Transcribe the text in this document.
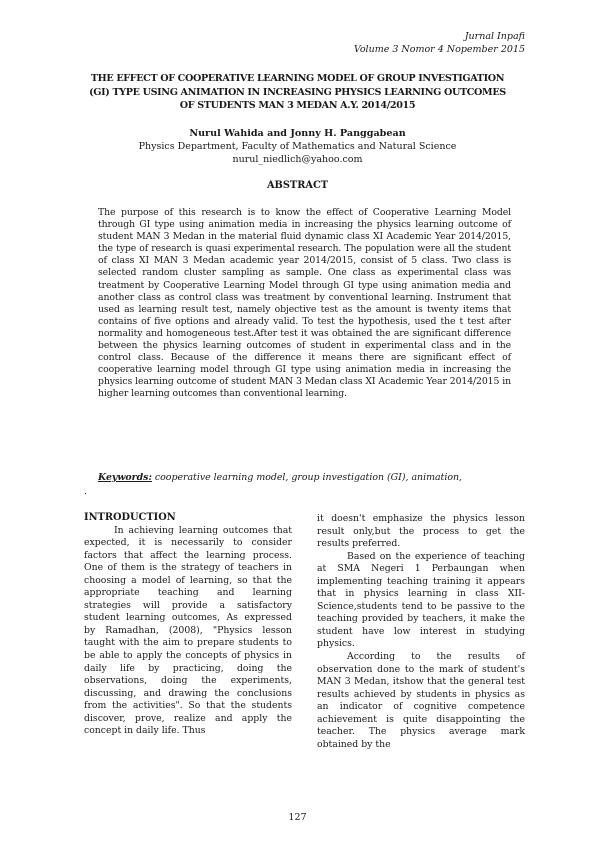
Jurnal Inpafi
Volume 3 Nomor 4 Nopember 2015
THE EFFECT OF COOPERATIVE LEARNING MODEL OF GROUP INVESTIGATION
(GI) TYPE USING ANIMATION IN INCREASING PHYSICS LEARNING OUTCOMES
OF STUDENTS MAN 3 MEDAN A.Y. 2014/2015
Nurul Wahida and Jonny H. Panggabean
Physics Department, Faculty of Mathematics and Natural Science
nurul_niedlich@yahoo.com
ABSTRACT
The purpose of this research is to know the effect of Cooperative Learning Model through GI type using animation media in increasing the physics learning outcome of student MAN 3 Medan in the material fluid dynamic class XI Academic Year 2014/2015, the type of research is quasi experimental research. The population were all the student of class XI MAN 3 Medan academic year 2014/2015, consist of 5 class. Two class is selected random cluster sampling as sample. One class as experimental class was treatment by Cooperative Learning Model through GI type using animation media and another class as control class was treatment by conventional learning. Instrument that used as learning result test, namely objective test as the amount is twenty items that contains of five options and already valid. To test the hypothesis, used the t test after normality and homogeneous test.After test it was obtained the are significant difference between the physics learning outcomes of student in experimental class and in the control class. Because of the difference it means there are significant effect of cooperative learning model through GI type using animation media in increasing the physics learning outcome of student MAN 3 Medan class XI Academic Year 2014/2015 in higher learning outcomes than conventional learning.
Keywords: cooperative learning model, group investigation (GI), animation,
.
INTRODUCTION

In achieving learning outcomes that expected, it is necessarily to consider factors that affect the learning process. One of them is the strategy of teachers in choosing a model of learning, so that the appropriate teaching and learning strategies will provide a satisfactory student learning outcomes, As expressed by Ramadhan, (2008), "Physics lesson taught with the aim to prepare students to be able to apply the concepts of physics in daily life by practicing, doing the observations, doing the experiments, discussing, and drawing the conclusions from the activities". So that the students discover, prove, realize and apply the concept in daily life. Thus

it doesn't emphasize the physics lesson result only,but the process to get the results preferred.

Based on the experience of teaching at SMA Negeri 1 Perbaungan when implementing teaching training it appears that in physics learning in class XII-Science,students tend to be passive to the teaching provided by teachers, it make the student have low interest in studying physics.

According to the results of observation done to the mark of student's MAN 3 Medan, itshow that the general test results achieved by students in physics as an indicator of cognitive competence achievement is quite disappointing the teacher. The physics average mark obtained by the

127
